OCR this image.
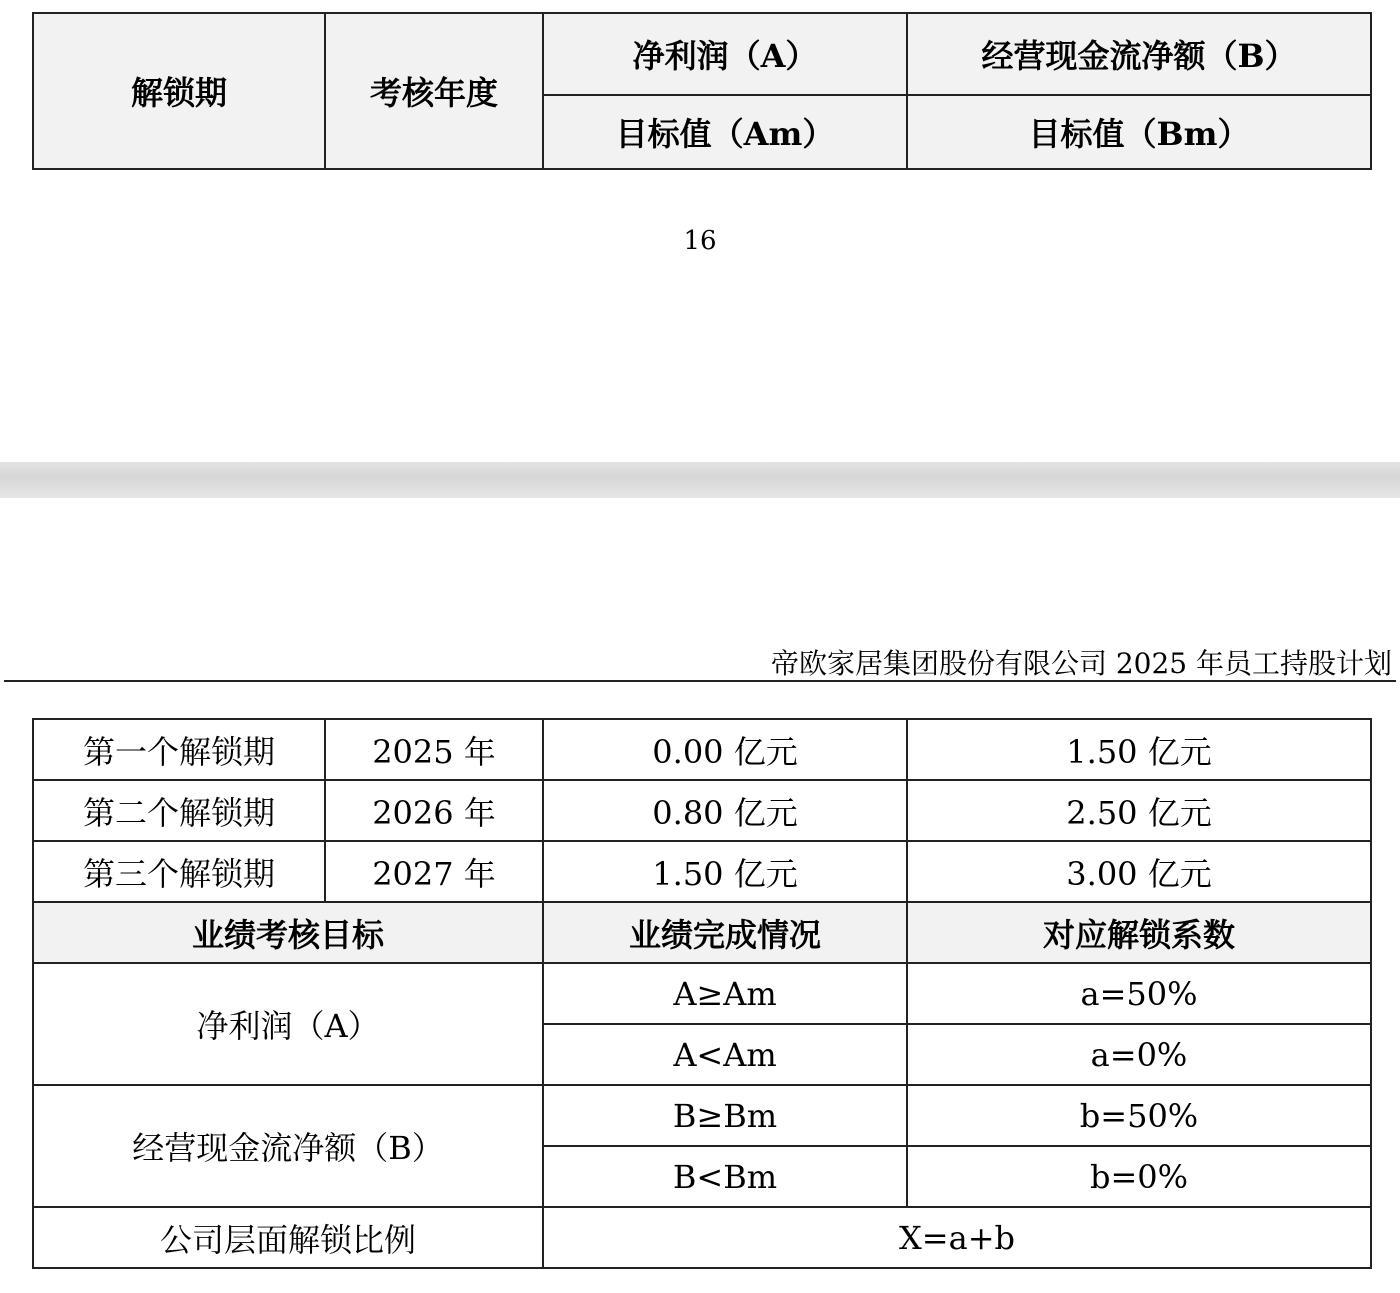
解锁期	考核年度	净利润（A）	经营现金流净额（B）
		目标值（Am）	目标值（Bm）
16
帝欧家居集团股份有限公司 2025 年员工持股计划
第一个解锁期	2025 年	0.00 亿元	1.50 亿元
第二个解锁期	2026 年	0.80 亿元	2.50 亿元
第三个解锁期	2027 年	1.50 亿元	3.00 亿元
业绩考核目标		业绩完成情况	对应解锁系数
净利润（A）		A≥Am	a=50%
		A<Am	a=0%
经营现金流净额（B）		B≥Bm	b=50%
		B<Bm	b=0%
公司层面解锁比例		X=a+b	
